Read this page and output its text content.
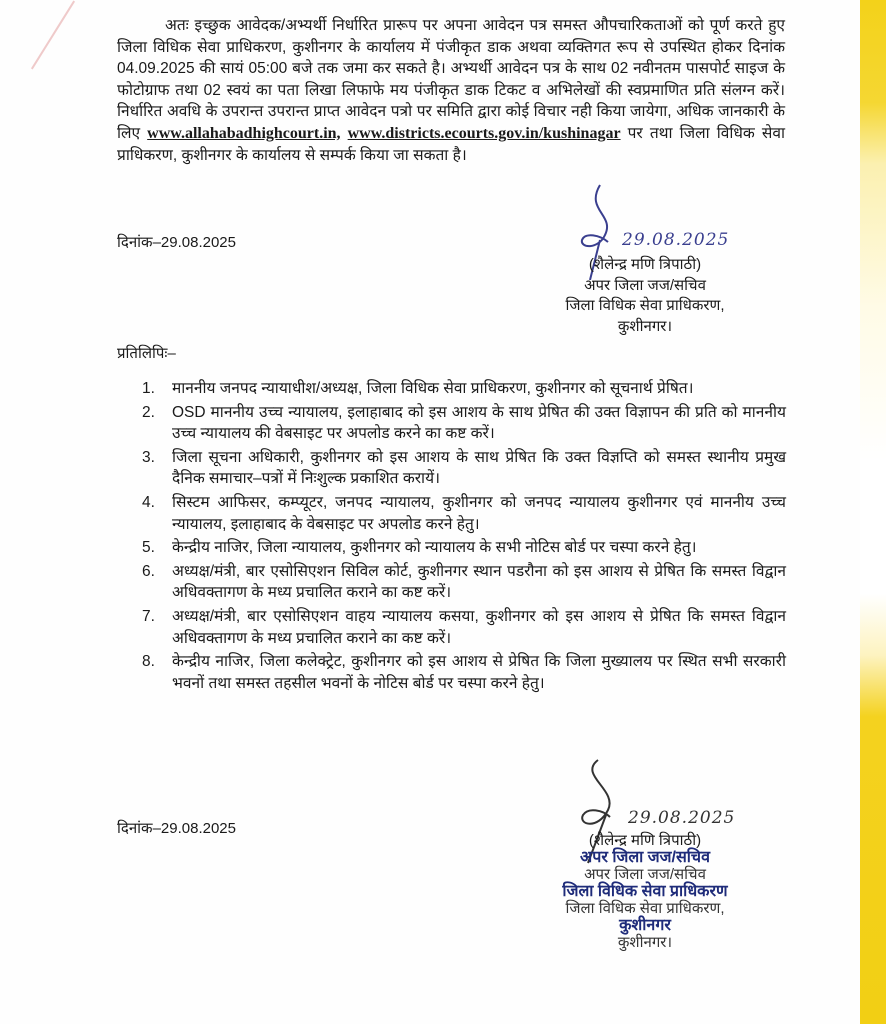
अतः इच्छुक आवेदक/अभ्यर्थी निर्धारित प्रारूप पर अपना आवेदन पत्र समस्त औपचारिकताओं को पूर्ण करते हुए जिला विधिक सेवा प्राधिकरण, कुशीनगर के कार्यालय में पंजीकृत डाक अथवा व्यक्तिगत रूप से उपस्थित होकर दिनांक 04.09.2025 की सायं 05:00 बजे तक जमा कर सकते है। अभ्यर्थी आवेदन पत्र के साथ 02 नवीनतम पासपोर्ट साइज के फोटोग्राफ तथा 02 स्वयं का पता लिखा लिफाफे मय पंजीकृत डाक टिकट व अभिलेखों की स्वप्रमाणित प्रति संलग्न करें। निर्धारित अवधि के उपरान्त उपरान्त प्राप्त आवेदन पत्रो पर समिति द्वारा कोई विचार नही किया जायेगा, अधिक जानकारी के लिए www.allahabadhighcourt.in, www.districts.ecourts.gov.in/kushinagar पर तथा जिला विधिक सेवा प्राधिकरण, कुशीनगर के कार्यालय से सम्पर्क किया जा सकता है।
दिनांक–29.08.2025	29.08.2025
(शैलेन्द्र मणि त्रिपाठी)
अपर जिला जज/सचिव
जिला विधिक सेवा प्राधिकरण,
कुशीनगर।
प्रतिलिपिः–
1. माननीय जनपद न्यायाधीश/अध्यक्ष, जिला विधिक सेवा प्राधिकरण, कुशीनगर को सूचनार्थ प्रेषित।
2. OSD माननीय उच्च न्यायालय, इलाहाबाद को इस आशय के साथ प्रेषित की उक्त विज्ञापन की प्रति को माननीय उच्च न्यायालय की वेबसाइट पर अपलोड करने का कष्ट करें।
3. जिला सूचना अधिकारी, कुशीनगर को इस आशय के साथ प्रेषित कि उक्त विज्ञप्ति को समस्त स्थानीय प्रमुख दैनिक समाचार–पत्रों में निःशुल्क प्रकाशित करायें।
4. सिस्टम आफिसर, कम्प्यूटर, जनपद न्यायालय, कुशीनगर को जनपद न्यायालय कुशीनगर एवं माननीय उच्च न्यायालय, इलाहाबाद के वेबसाइट पर अपलोड करने हेतु।
5. केन्द्रीय नाजिर, जिला न्यायालय, कुशीनगर को न्यायालय के सभी नोटिस बोर्ड पर चस्पा करने हेतु।
6. अध्यक्ष/मंत्री, बार एसोसिएशन सिविल कोर्ट, कुशीनगर स्थान पडरौना को इस आशय से प्रेषित कि समस्त विद्वान अधिवक्तागण के मध्य प्रचालित कराने का कष्ट करें।
7. अध्यक्ष/मंत्री, बार एसोसिएशन वाहय न्यायालय कसया, कुशीनगर को इस आशय से प्रेषित कि समस्त विद्वान अधिवक्तागण के मध्य प्रचालित कराने का कष्ट करें।
8. केन्द्रीय नाजिर, जिला कलेक्ट्रेट, कुशीनगर को इस आशय से प्रेषित कि जिला मुख्यालय पर स्थित सभी सरकारी भवनों तथा समस्त तहसील भवनों के नोटिस बोर्ड पर चस्पा करने हेतु।
दिनांक–29.08.2025
29.08.2025
(शैलेन्द्र मणि त्रिपाठी)
अपर जिला जज/सचिव
अपर जिला जज/सचिव
जिला विधिक सेवा प्राधिकरण
जिला विधिक सेवा प्राधिकरण,
कुशीनगर
कुशीनगर।
